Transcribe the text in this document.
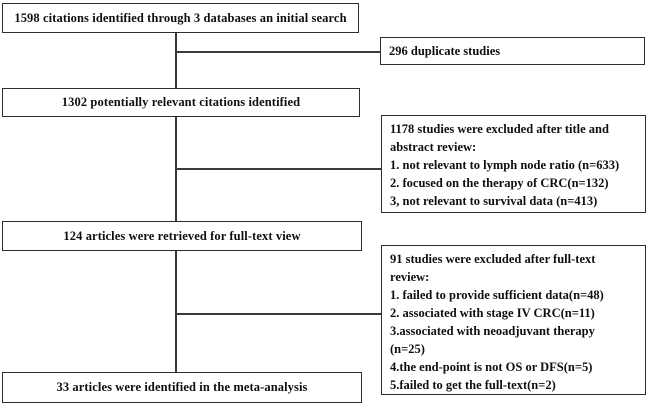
1598 citations identified through 3 databases an initial search
1302 potentially relevant citations identified
124 articles were retrieved for full-text view
33 articles were identified in the meta-analysis
296 duplicate studies
1178 studies were excluded after title and
abstract review:
1. not relevant to lymph node ratio (n=633)
2. focused on the therapy of CRC(n=132)
3, not relevant to survival data (n=413)
91 studies were excluded after full-text
review:
1. failed to provide sufficient data(n=48)
2. associated with stage IV CRC(n=11)
3.associated with neoadjuvant therapy
(n=25)
4.the end-point is not OS or DFS(n=5)
5.failed to get the full-text(n=2)
